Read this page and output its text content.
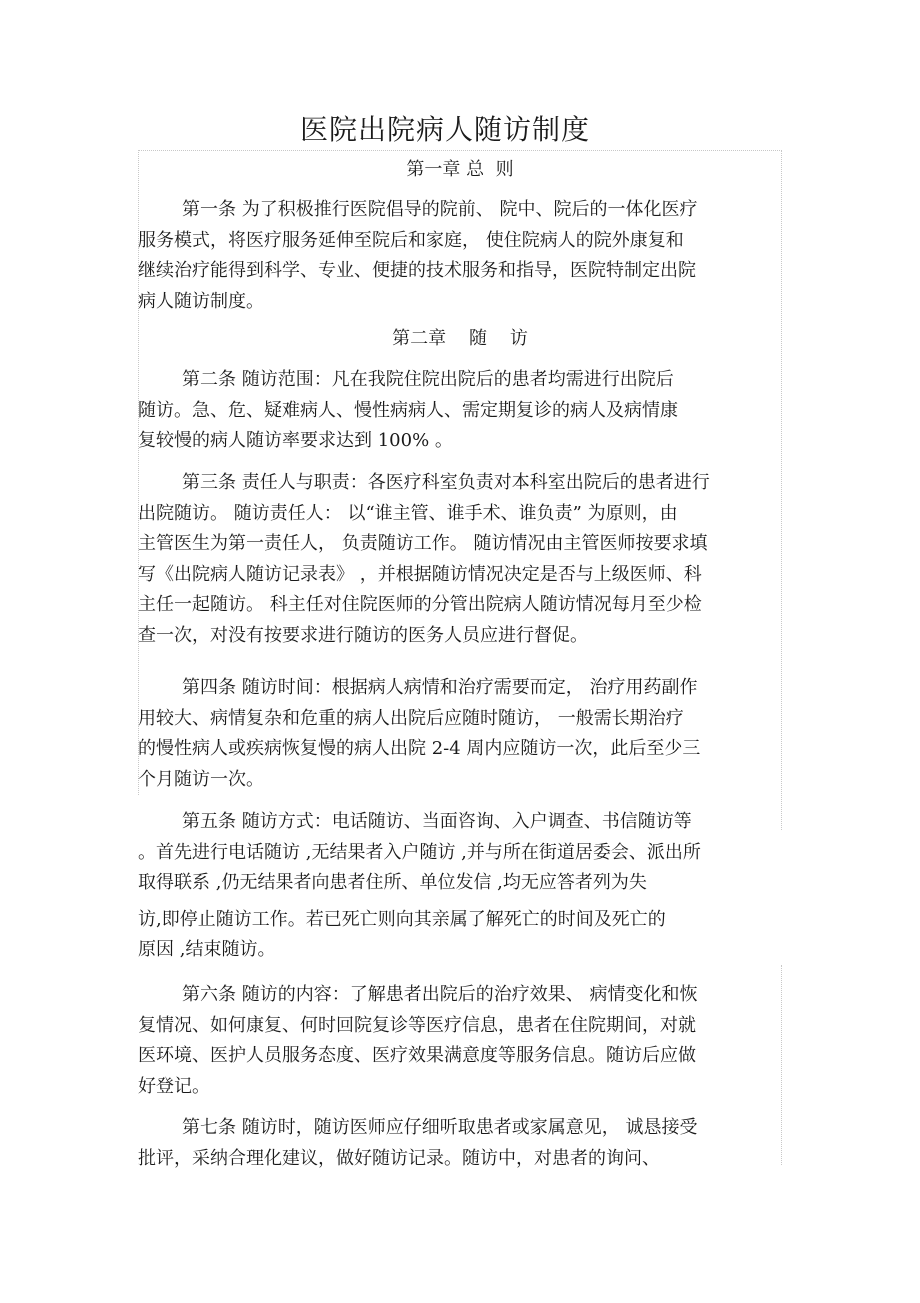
医院出院病人随访制度
第一章 总  则
第一条 为了积极推行医院倡导的院前、 院中、院后的一体化医疗
服务模式，将医疗服务延伸至院后和家庭， 使住院病人的院外康复和
继续治疗能得到科学、专业、便捷的技术服务和指导，医院特制定出院
病人随访制度。
第二章    随    访
第二条 随访范围：凡在我院住院出院后的患者均需进行出院后
随访。急、危、疑难病人、慢性病病人、需定期复诊的病人及病情康
复较慢的病人随访率要求达到 100% 。
第三条 责任人与职责：各医疗科室负责对本科室出院后的患者进行
出院随访。 随访责任人： 以“谁主管、谁手术、谁负责” 为原则，由
主管医生为第一责任人， 负责随访工作。 随访情况由主管医师按要求填
写《出院病人随访记录表》 ，并根据随访情况决定是否与上级医师、科
主任一起随访。 科主任对住院医师的分管出院病人随访情况每月至少检
查一次，对没有按要求进行随访的医务人员应进行督促。
第四条 随访时间：根据病人病情和治疗需要而定， 治疗用药副作
用较大、病情复杂和危重的病人出院后应随时随访， 一般需长期治疗
的慢性病人或疾病恢复慢的病人出院 2-4 周内应随访一次，此后至少三
个月随访一次。
第五条 随访方式：电话随访、当面咨询、入户调查、书信随访等
。首先进行电话随访 ,无结果者入户随访 ,并与所在街道居委会、派出所
取得联系 ,仍无结果者向患者住所、单位发信 ,均无应答者列为失
访,即停止随访工作。若已死亡则向其亲属了解死亡的时间及死亡的
原因 ,结束随访。
第六条 随访的内容：了解患者出院后的治疗效果、 病情变化和恢
复情况、如何康复、何时回院复诊等医疗信息，患者在住院期间，对就
医环境、医护人员服务态度、医疗效果满意度等服务信息。随访后应做
好登记。
第七条 随访时，随访医师应仔细听取患者或家属意见， 诚恳接受
批评，采纳合理化建议，做好随访记录。随访中，对患者的询问、
